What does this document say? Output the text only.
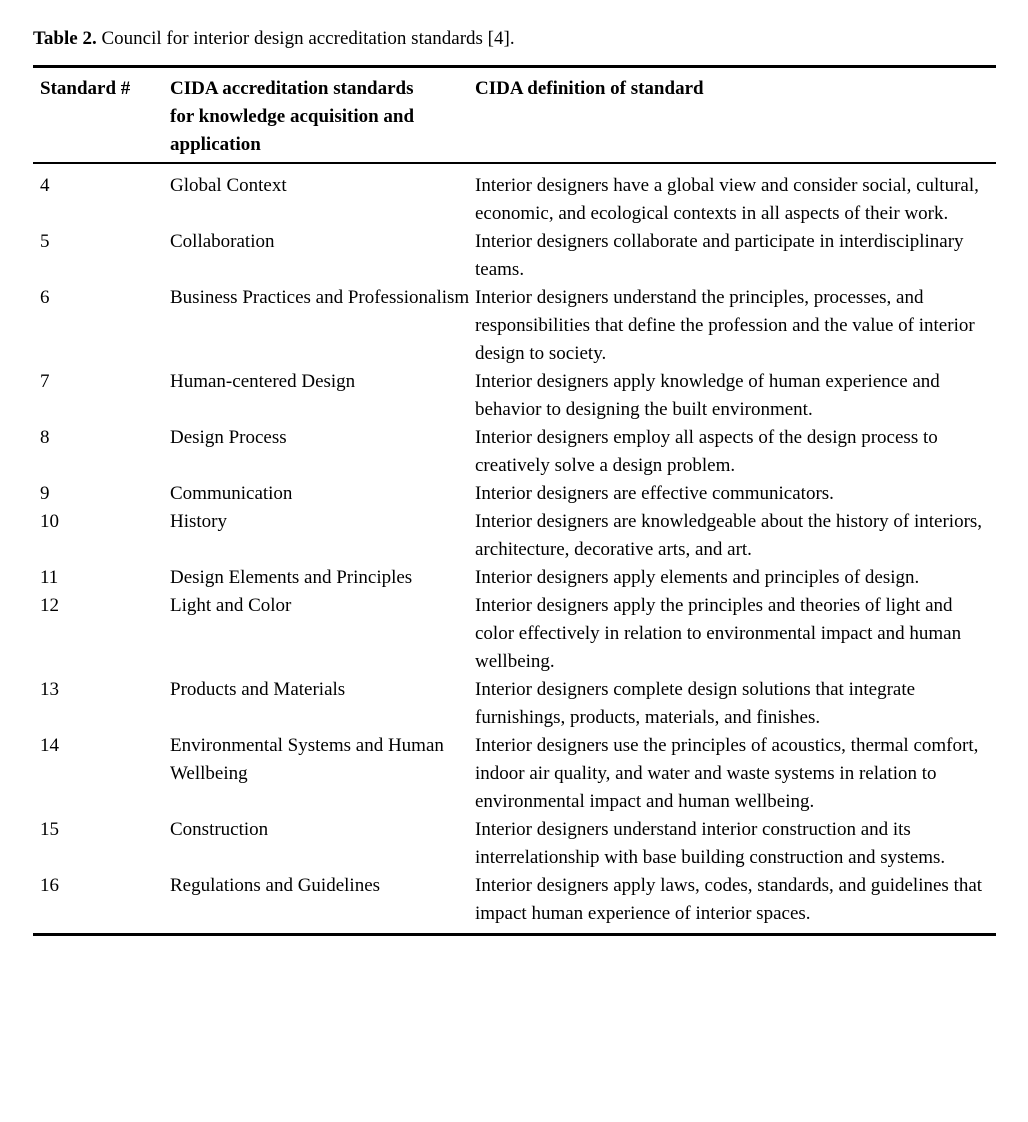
Table 2. Council for interior design accreditation standards [4].

Standard #	CIDA accreditation standards for knowledge acquisition and application	CIDA definition of standard
4	Global Context	Interior designers have a global view and consider social, cultural, economic, and ecological contexts in all aspects of their work.
5	Collaboration	Interior designers collaborate and participate in interdisciplinary teams.
6	Business Practices and Professionalism	Interior designers understand the principles, processes, and responsibilities that define the profession and the value of interior design to society.
7	Human-centered Design	Interior designers apply knowledge of human experience and behavior to designing the built environment.
8	Design Process	Interior designers employ all aspects of the design process to creatively solve a design problem.
9	Communication	Interior designers are effective communicators.
10	History	Interior designers are knowledgeable about the history of interiors, architecture, decorative arts, and art.
11	Design Elements and Principles	Interior designers apply elements and principles of design.
12	Light and Color	Interior designers apply the principles and theories of light and color effectively in relation to environmental impact and human wellbeing.
13	Products and Materials	Interior designers complete design solutions that integrate furnishings, products, materials, and finishes.
14	Environmental Systems and Human Wellbeing	Interior designers use the principles of acoustics, thermal comfort, indoor air quality, and water and waste systems in relation to environmental impact and human wellbeing.
15	Construction	Interior designers understand interior construction and its interrelationship with base building construction and systems.
16	Regulations and Guidelines	Interior designers apply laws, codes, standards, and guidelines that impact human experience of interior spaces.
